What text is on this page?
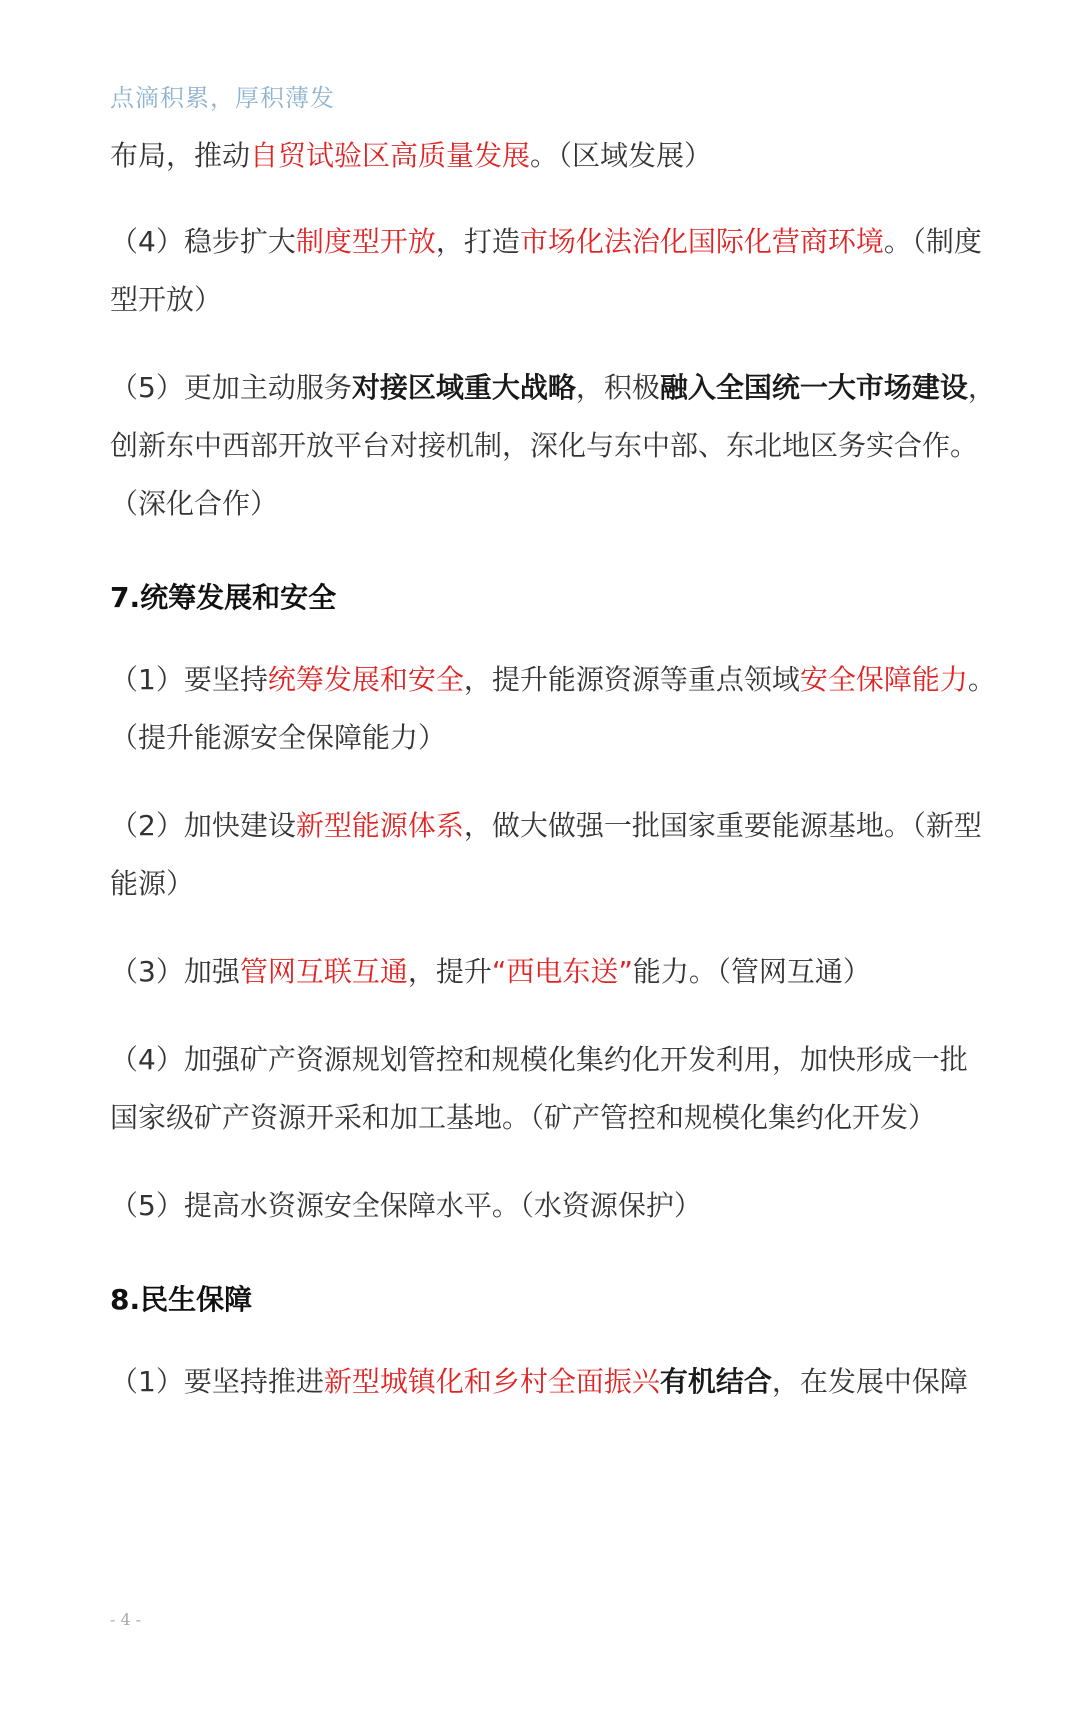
点滴积累，厚积薄发
布局，推动自贸试验区高质量发展。（区域发展）
（4）稳步扩大制度型开放，打造市场化法治化国际化营商环境。（制度
型开放）
（5）更加主动服务对接区域重大战略，积极融入全国统一大市场建设，
创新东中西部开放平台对接机制，深化与东中部、东北地区务实合作。
（深化合作）
7.统筹发展和安全
（1）要坚持统筹发展和安全，提升能源资源等重点领域安全保障能力。
（提升能源安全保障能力）
（2）加快建设新型能源体系，做大做强一批国家重要能源基地。（新型
能源）
（3）加强管网互联互通，提升“西电东送”能力。（管网互通）
（4）加强矿产资源规划管控和规模化集约化开发利用，加快形成一批
国家级矿产资源开采和加工基地。（矿产管控和规模化集约化开发）
（5）提高水资源安全保障水平。（水资源保护）
8.民生保障
（1）要坚持推进新型城镇化和乡村全面振兴有机结合，在发展中保障
- 4 -
